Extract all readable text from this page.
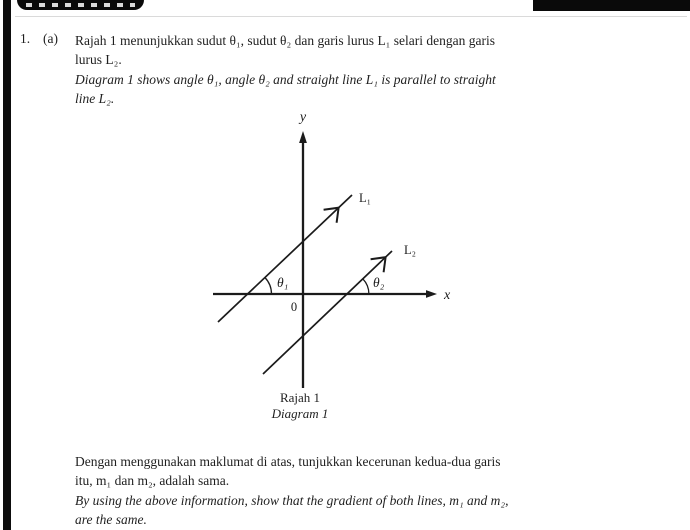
1. (a) Rajah 1 menunjukkan sudut θ₁, sudut θ₂ dan garis lurus L₁ selari dengan garis
lurus L₂.
Diagram 1 shows angle θ₁, angle θ₂ and straight line L₁ is parallel to straight
line L₂.
y
x
0
L₁
L₂
θ₁	θ₂
Rajah 1
Diagram 1
Dengan menggunakan maklumat di atas, tunjukkan kecerunan kedua-dua garis
itu, m₁ dan m₂, adalah sama.
By using the above information, show that the gradient of both lines, m₁ and m₂,
are the same.
